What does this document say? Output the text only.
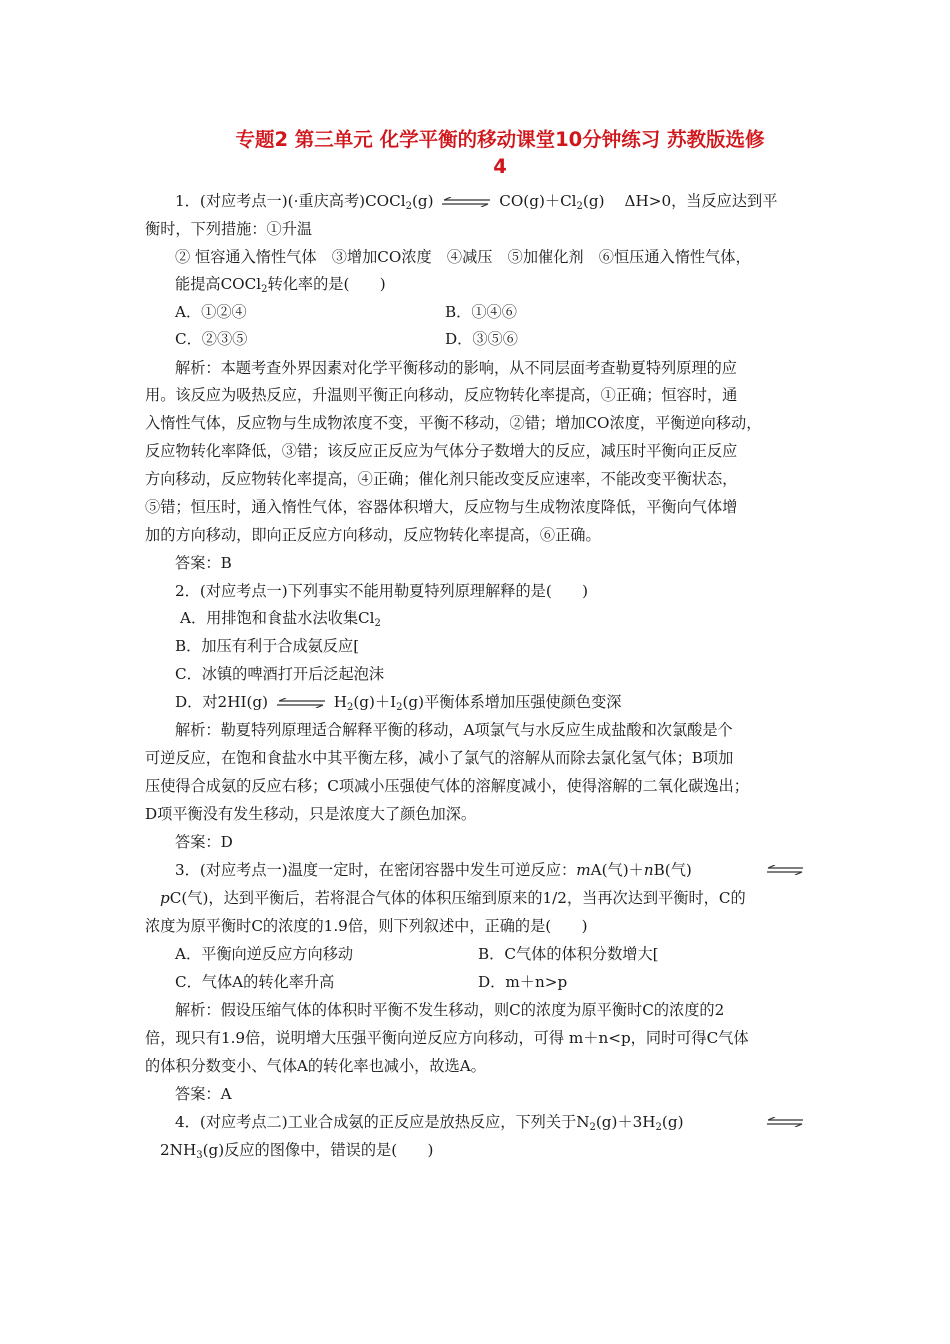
专题2 第三单元 化学平衡的移动课堂10分钟练习 苏教版选修
4
1．(对应考点一)(·重庆高考)COCl$_2$(g) ⇌ $CO(g)+Cl_2(g)$　 ΔH>0，当反应达到平
衡时，下列措施：①升温
② 恒容通入惰性气体　③增加CO浓度　④减压　⑤加催化剂　⑥恒压通入惰性气体，
能提高COCl$_2$转化率的是(　　)
A．①②④	B．①④⑥
C．②③⑤	D．③⑤⑥
解析：本题考查外界因素对化学平衡移动的影响，从不同层面考查勒夏特列原理的应
用。该反应为吸热反应，升温则平衡正向移动，反应物转化率提高，①正确；恒容时，通
入惰性气体，反应物与生成物浓度不变，平衡不移动，②错；增加CO浓度，平衡逆向移动，
反应物转化率降低，③错；该反应正反应为气体分子数增大的反应，减压时平衡向正反应
方向移动，反应物转化率提高，④正确；催化剂只能改变反应速率，不能改变平衡状态，
⑤错；恒压时，通入惰性气体，容器体积增大，反应物与生成物浓度降低，平衡向气体增
加的方向移动，即向正反应方向移动，反应物转化率提高，⑥正确。
答案：B
2．(对应考点一)下列事实不能用勒夏特列原理解释的是(　　)
A．用排饱和食盐水法收集$Cl_2$
B．加压有利于合成氨反应[
C．冰镇的啤酒打开后泛起泡沫
D．对2HI(g) ⇌ $H_2(g)+I_2(g)$平衡体系增加压强使颜色变深
解析：勒夏特列原理适合解释平衡的移动，A项氯气与水反应生成盐酸和次氯酸是个
可逆反应，在饱和食盐水中其平衡左移，减小了氯气的溶解从而除去氯化氢气体；B项加
压使得合成氨的反应右移；C项减小压强使气体的溶解度减小，使得溶解的二氧化碳逸出；
D项平衡没有发生移动，只是浓度大了颜色加深。
答案：D
3．(对应考点一)温度一定时，在密闭容器中发生可逆反应：mA(气)＋nB(气)
pC(气)，达到平衡后，若将混合气体的体积压缩到原来的1/2，当再次达到平衡时，C的
浓度为原平衡时C的浓度的1.9倍，则下列叙述中，正确的是(　　)
A．平衡向逆反应方向移动	B．C气体的体积分数增大[
C．气体A的转化率升高	D．m＋n>p
解析：假设压缩气体的体积时平衡不发生移动，则C的浓度为原平衡时C的浓度的2
倍，现只有1.9倍，说明增大压强平衡向逆反应方向移动，可得 m＋n<p，同时可得C气体
的体积分数变小、气体A的转化率也减小，故选A。
答案：A
4．(对应考点二)工业合成氨的正反应是放热反应，下列关于$N_2(g)+3H_2(g)$
$2NH_3(g)$反应的图像中，错误的是(　　)
